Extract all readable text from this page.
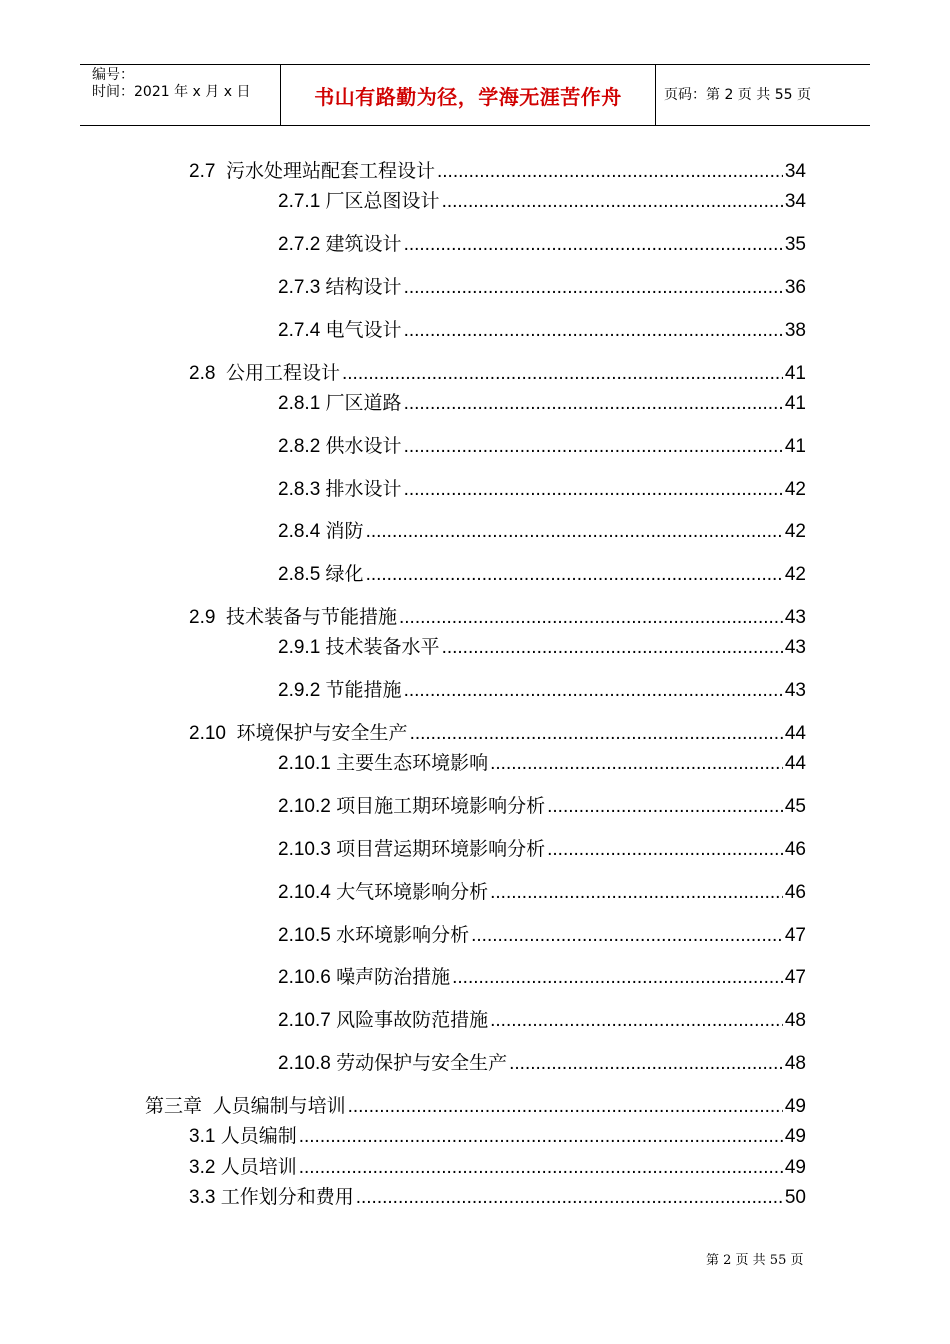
编号：
时间：2021 年 x 月 x 日	书山有路勤为径，学海无涯苦作舟	页码：第 2 页 共 55 页
2.7 污水处理站配套工程设计 .....	34
2.7.1 厂区总图设计 .....	34
2.7.2 建筑设计 .....	35
2.7.3 结构设计 .....	36
2.7.4 电气设计 .....	38
2.8 公用工程设计 .....	41
2.8.1 厂区道路 .....	41
2.8.2 供水设计 .....	41
2.8.3 排水设计 .....	42
2.8.4 消防 .....	42
2.8.5 绿化 .....	42
2.9 技术装备与节能措施 .....	43
2.9.1 技术装备水平 .....	43
2.9.2 节能措施 .....	43
2.10 环境保护与安全生产 .....	44
2.10.1 主要生态环境影响 .....	44
2.10.2 项目施工期环境影响分析 .....	45
2.10.3 项目营运期环境影响分析 .....	46
2.10.4 大气环境影响分析 .....	46
2.10.5 水环境影响分析 .....	47
2.10.6 噪声防治措施 .....	47
2.10.7 风险事故防范措施 .....	48
2.10.8 劳动保护与安全生产 .....	48
第三章 人员编制与培训 .....	49
3.1 人员编制 .....	49
3.2 人员培训 .....	49
3.3 工作划分和费用 .....	50
第 2 页 共 55 页
